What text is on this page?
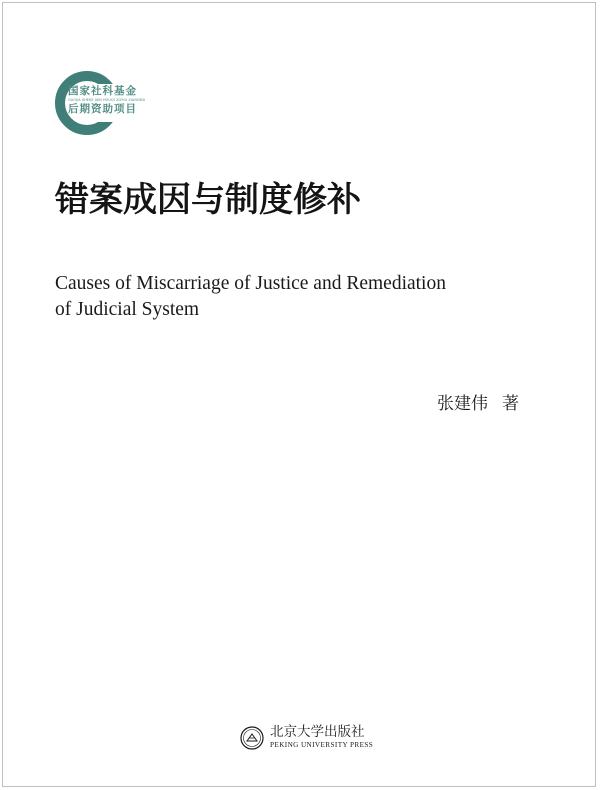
国家社科基金
GUOJIA SHEKE JIJIN HOUQI ZIZHU XIANGMU
后期资助项目
错案成因与制度修补
Causes of Miscarriage of Justice and Remediation
of Judicial System
张建伟 著
北京大学出版社
PEKING UNIVERSITY PRESS
